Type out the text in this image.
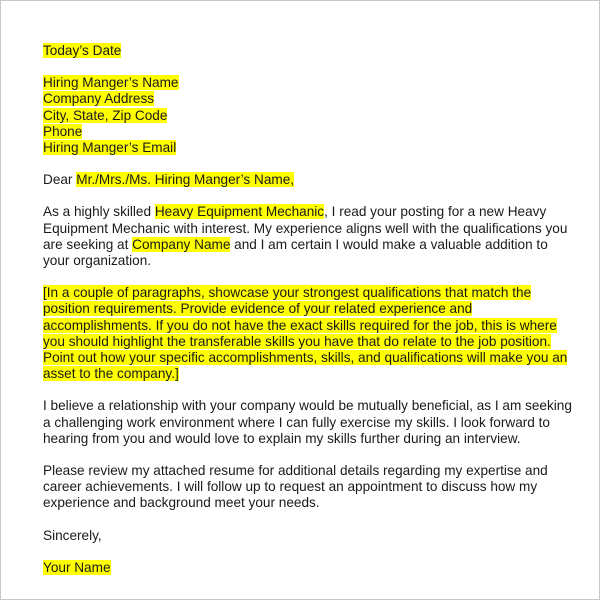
Today’s Date
Hiring Manger’s Name
Company Address
City, State, Zip Code
Phone
Hiring Manger’s Email
Dear Mr./Mrs./Ms. Hiring Manger’s Name,
As a highly skilled Heavy Equipment Mechanic, I read your posting for a new Heavy
Equipment Mechanic with interest. My experience aligns well with the qualifications you
are seeking at Company Name and I am certain I would make a valuable addition to
your organization.
[In a couple of paragraphs, showcase your strongest qualifications that match the
position requirements. Provide evidence of your related experience and
accomplishments. If you do not have the exact skills required for the job, this is where
you should highlight the transferable skills you have that do relate to the job position.
Point out how your specific accomplishments, skills, and qualifications will make you an
asset to the company.]
I believe a relationship with your company would be mutually beneficial, as I am seeking
a challenging work environment where I can fully exercise my skills. I look forward to
hearing from you and would love to explain my skills further during an interview.
Please review my attached resume for additional details regarding my expertise and
career achievements. I will follow up to request an appointment to discuss how my
experience and background meet your needs.
Sincerely,
Your Name
